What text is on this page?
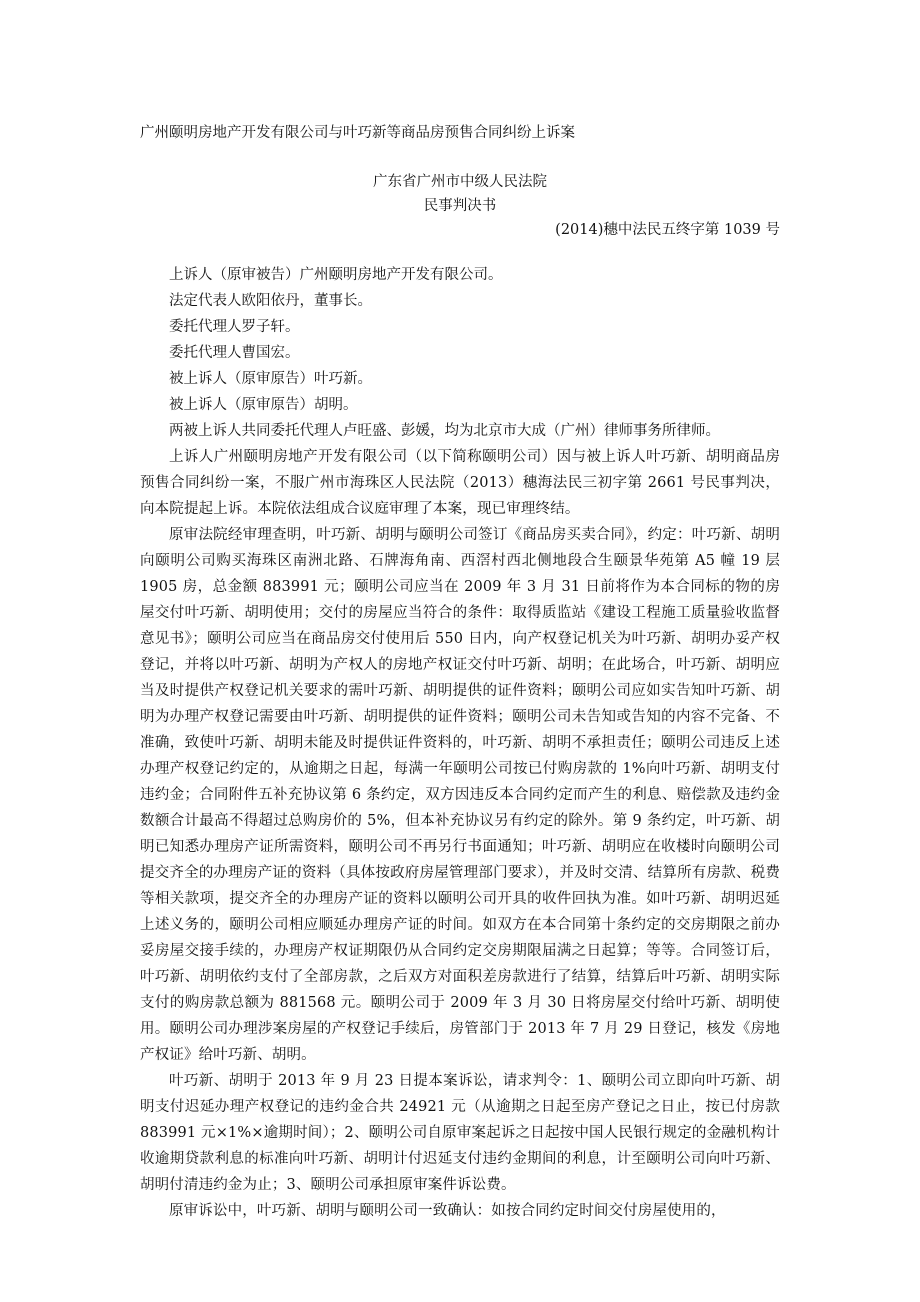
广州颐明房地产开发有限公司与叶巧新等商品房预售合同纠纷上诉案
广东省广州市中级人民法院
民事判决书
(2014)穗中法民五终字第 1039 号
上诉人（原审被告）广州颐明房地产开发有限公司。
法定代表人欧阳依丹，董事长。
委托代理人罗子轩。
委托代理人曹国宏。
被上诉人（原审原告）叶巧新。
被上诉人（原审原告）胡明。
两被上诉人共同委托代理人卢旺盛、彭媛，均为北京市大成（广州）律师事务所律师。

上诉人广州颐明房地产开发有限公司（以下简称颐明公司）因与被上诉人叶巧新、胡明商品房预售合同纠纷一案，不服广州市海珠区人民法院（2013）穗海法民三初字第 2661 号民事判决，向本院提起上诉。本院依法组成合议庭审理了本案，现已审理终结。

原审法院经审理查明，叶巧新、胡明与颐明公司签订《商品房买卖合同》，约定：叶巧新、胡明向颐明公司购买海珠区南洲北路、石牌海角南、西滘村西北侧地段合生颐景华苑第 A5 幢 19 层 1905 房，总金额 883991 元；颐明公司应当在 2009 年 3 月 31 日前将作为本合同标的物的房屋交付叶巧新、胡明使用；交付的房屋应当符合的条件：取得质监站《建设工程施工质量验收监督意见书》；颐明公司应当在商品房交付使用后 550 日内，向产权登记机关为叶巧新、胡明办妥产权登记，并将以叶巧新、胡明为产权人的房地产权证交付叶巧新、胡明；在此场合，叶巧新、胡明应当及时提供产权登记机关要求的需叶巧新、胡明提供的证件资料；颐明公司应如实告知叶巧新、胡明为办理产权登记需要由叶巧新、胡明提供的证件资料；颐明公司未告知或告知的内容不完备、不准确，致使叶巧新、胡明未能及时提供证件资料的，叶巧新、胡明不承担责任；颐明公司违反上述办理产权登记约定的，从逾期之日起，每满一年颐明公司按已付购房款的 1%向叶巧新、胡明支付违约金；合同附件五补充协议第 6 条约定，双方因违反本合同约定而产生的利息、赔偿款及违约金数额合计最高不得超过总购房价的 5%，但本补充协议另有约定的除外。第 9 条约定，叶巧新、胡明已知悉办理房产证所需资料，颐明公司不再另行书面通知；叶巧新、胡明应在收楼时向颐明公司提交齐全的办理房产证的资料（具体按政府房屋管理部门要求），并及时交清、结算所有房款、税费等相关款项，提交齐全的办理房产证的资料以颐明公司开具的收件回执为准。如叶巧新、胡明迟延上述义务的，颐明公司相应顺延办理房产证的时间。如双方在本合同第十条约定的交房期限之前办妥房屋交接手续的，办理房产权证期限仍从合同约定交房期限届满之日起算；等等。合同签订后，叶巧新、胡明依约支付了全部房款，之后双方对面积差房款进行了结算，结算后叶巧新、胡明实际支付的购房款总额为 881568 元。颐明公司于 2009 年 3 月 30 日将房屋交付给叶巧新、胡明使用。颐明公司办理涉案房屋的产权登记手续后，房管部门于 2013 年 7 月 29 日登记，核发《房地产权证》给叶巧新、胡明。

叶巧新、胡明于 2013 年 9 月 23 日提本案诉讼，请求判令：1、颐明公司立即向叶巧新、胡明支付迟延办理产权登记的违约金合共 24921 元（从逾期之日起至房产登记之日止，按已付房款 883991 元×1%×逾期时间）；2、颐明公司自原审案起诉之日起按中国人民银行规定的金融机构计收逾期贷款利息的标准向叶巧新、胡明计付迟延支付违约金期间的利息，计至颐明公司向叶巧新、胡明付清违约金为止；3、颐明公司承担原审案件诉讼费。

原审诉讼中，叶巧新、胡明与颐明公司一致确认：如按合同约定时间交付房屋使用的，
